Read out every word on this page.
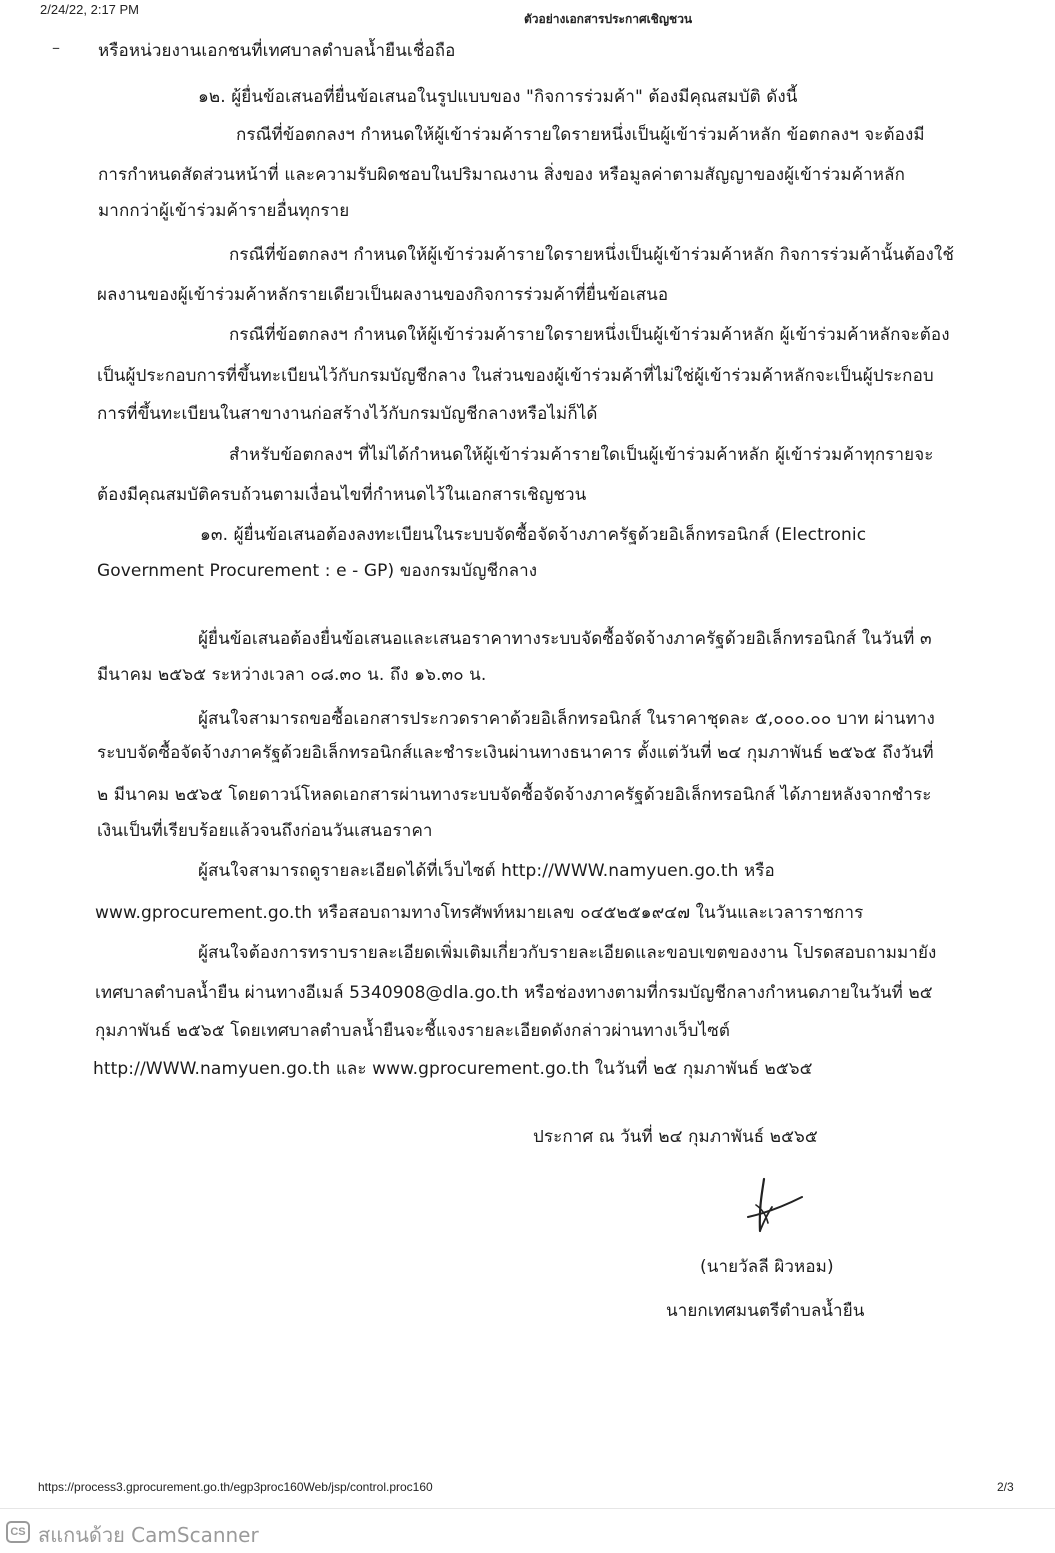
2/24/22, 2:17 PM
ตัวอย่างเอกสารประกาศเชิญชวน
– หรือหน่วยงานเอกชนที่เทศบาลตำบลน้ำยืนเชื่อถือ
๑๒. ผู้ยื่นข้อเสนอที่ยื่นข้อเสนอในรูปแบบของ "กิจการร่วมค้า" ต้องมีคุณสมบัติ ดังนี้
กรณีที่ข้อตกลงฯ กำหนดให้ผู้เข้าร่วมค้ารายใดรายหนึ่งเป็นผู้เข้าร่วมค้าหลัก ข้อตกลงฯ จะต้องมี
การกำหนดสัดส่วนหน้าที่ และความรับผิดชอบในปริมาณงาน สิ่งของ หรือมูลค่าตามสัญญาของผู้เข้าร่วมค้าหลัก
มากกว่าผู้เข้าร่วมค้ารายอื่นทุกราย
กรณีที่ข้อตกลงฯ กำหนดให้ผู้เข้าร่วมค้ารายใดรายหนึ่งเป็นผู้เข้าร่วมค้าหลัก กิจการร่วมค้านั้นต้องใช้
ผลงานของผู้เข้าร่วมค้าหลักรายเดียวเป็นผลงานของกิจการร่วมค้าที่ยื่นข้อเสนอ
กรณีที่ข้อตกลงฯ กำหนดให้ผู้เข้าร่วมค้ารายใดรายหนึ่งเป็นผู้เข้าร่วมค้าหลัก ผู้เข้าร่วมค้าหลักจะต้อง
เป็นผู้ประกอบการที่ขึ้นทะเบียนไว้กับกรมบัญชีกลาง ในส่วนของผู้เข้าร่วมค้าที่ไม่ใช่ผู้เข้าร่วมค้าหลักจะเป็นผู้ประกอบ
การที่ขึ้นทะเบียนในสาขางานก่อสร้างไว้กับกรมบัญชีกลางหรือไม่ก็ได้
สำหรับข้อตกลงฯ ที่ไม่ได้กำหนดให้ผู้เข้าร่วมค้ารายใดเป็นผู้เข้าร่วมค้าหลัก ผู้เข้าร่วมค้าทุกรายจะ
ต้องมีคุณสมบัติครบถ้วนตามเงื่อนไขที่กำหนดไว้ในเอกสารเชิญชวน
๑๓. ผู้ยื่นข้อเสนอต้องลงทะเบียนในระบบจัดซื้อจัดจ้างภาครัฐด้วยอิเล็กทรอนิกส์ (Electronic
Government Procurement : e - GP) ของกรมบัญชีกลาง
ผู้ยื่นข้อเสนอต้องยื่นข้อเสนอและเสนอราคาทางระบบจัดซื้อจัดจ้างภาครัฐด้วยอิเล็กทรอนิกส์ ในวันที่ ๓
มีนาคม ๒๕๖๕ ระหว่างเวลา ๐๘.๓๐ น. ถึง ๑๖.๓๐ น.
ผู้สนใจสามารถขอซื้อเอกสารประกวดราคาด้วยอิเล็กทรอนิกส์ ในราคาชุดละ ๕,๐๐๐.๐๐ บาท ผ่านทาง
ระบบจัดซื้อจัดจ้างภาครัฐด้วยอิเล็กทรอนิกส์และชำระเงินผ่านทางธนาคาร ตั้งแต่วันที่ ๒๔ กุมภาพันธ์ ๒๕๖๕ ถึงวันที่
๒ มีนาคม ๒๕๖๕ โดยดาวน์โหลดเอกสารผ่านทางระบบจัดซื้อจัดจ้างภาครัฐด้วยอิเล็กทรอนิกส์ ได้ภายหลังจากชำระ
เงินเป็นที่เรียบร้อยแล้วจนถึงก่อนวันเสนอราคา
ผู้สนใจสามารถดูรายละเอียดได้ที่เว็บไซต์ http://WWW.namyuen.go.th หรือ
www.gprocurement.go.th หรือสอบถามทางโทรศัพท์หมายเลข ๐๔๕๒๕๑๙๔๗ ในวันและเวลาราชการ
ผู้สนใจต้องการทราบรายละเอียดเพิ่มเติมเกี่ยวกับรายละเอียดและขอบเขตของงาน โปรดสอบถามมายัง
เทศบาลตำบลน้ำยืน ผ่านทางอีเมล์ 5340908@dla.go.th หรือช่องทางตามที่กรมบัญชีกลางกำหนดภายในวันที่ ๒๕
กุมภาพันธ์ ๒๕๖๕ โดยเทศบาลตำบลน้ำยืนจะชี้แจงรายละเอียดดังกล่าวผ่านทางเว็บไซต์
http://WWW.namyuen.go.th และ www.gprocurement.go.th ในวันที่ ๒๕ กุมภาพันธ์ ๒๕๖๕
ประกาศ ณ วันที่ ๒๔ กุมภาพันธ์ ๒๕๖๕
(นายวัลลี ผิวหอม)
นายกเทศมนตรีตำบลน้ำยืน
https://process3.gprocurement.go.th/egp3proc160Web/jsp/control.proc160	2/3
CS สแกนด้วย CamScanner
